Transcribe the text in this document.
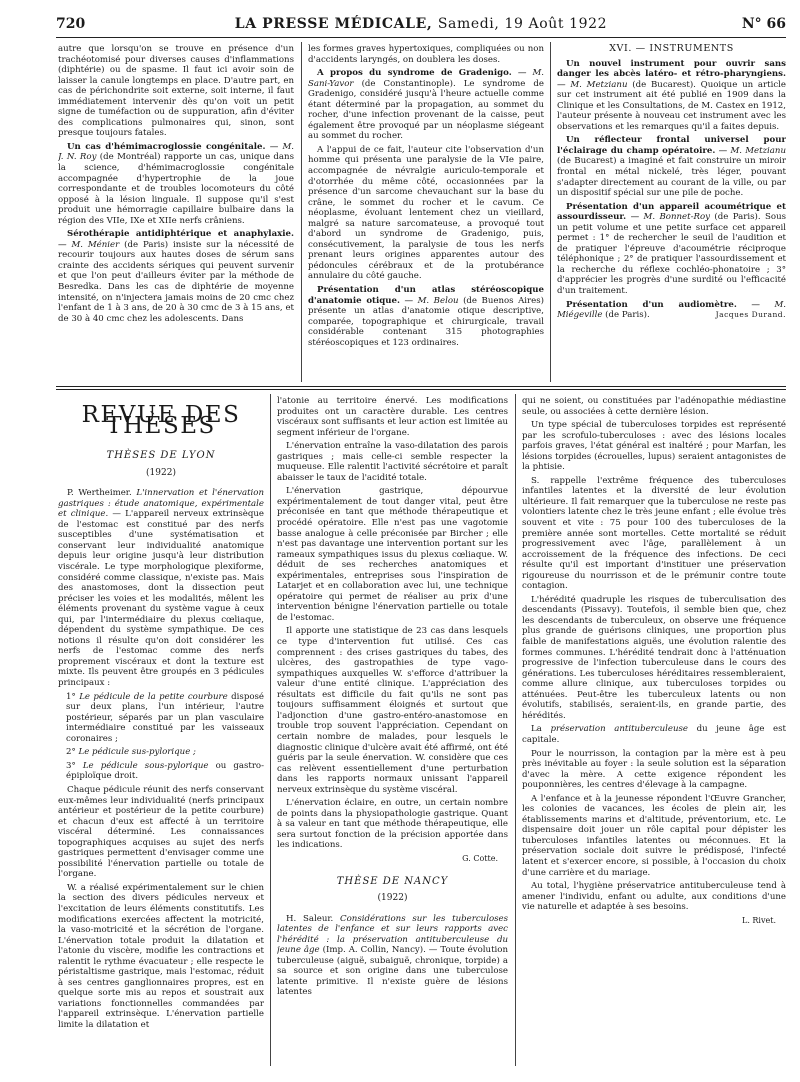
720	LA PRESSE MÉDICALE, Samedi, 19 Août 1922	N° 66

autre que lorsqu'on se trouve en présence d'un trachéotomisé pour diverses causes d'inflammations (diphtérie) ou de spasme. Il faut ici avoir soin de laisser la canule longtemps en place. D'autre part, en cas de périchondrite soit externe, soit interne, il faut immédiatement intervenir dès qu'on voit un petit signe de tuméfaction ou de suppuration, afin d'éviter des complications pulmonaires qui, sinon, sont presque toujours fatales.

Un cas d'hémimacroglossie congénitale. — M. J. N. Roy (de Montréal) rapporte un cas, unique dans la science, d'hémimacroglossie congénitale accompagnée d'hypertrophie de la joue correspondante et de troubles locomoteurs du côté opposé à la lésion linguale. Il suppose qu'il s'est produit une hémorragie capillaire bulbaire dans la région des VIIe, IXe et XIIe nerfs crâniens.

Sérothérapie antidiphtérique et anaphylaxie. — M. Ménier (de Paris) insiste sur la nécessité de recourir toujours aux hautes doses de sérum sans crainte des accidents sériques qui peuvent survenir et que l'on peut d'ailleurs éviter par la méthode de Besredka. Dans les cas de diphtérie de moyenne intensité, on n'injectera jamais moins de 20 cmc chez l'enfant de 1 à 3 ans, de 20 à 30 cmc de 3 à 15 ans, et de 30 à 40 cmc chez les adolescents. Dans

les formes graves hypertoxiques, compliquées ou non d'accidents laryngés, on doublera les doses.

A propos du syndrome de Gradenigo. — M. Sani-Yavor (de Constantinople). Le syndrome de Gradenigo, considéré jusqu'à l'heure actuelle comme étant déterminé par la propagation, au sommet du rocher, d'une infection provenant de la caisse, peut également être provoqué par un néoplasme siégeant au sommet du rocher.

A l'appui de ce fait, l'auteur cite l'observation d'un homme qui présenta une paralysie de la VIe paire, accompagnée de névralgie auriculo-temporale et d'otorrhée du même côté, occasionnées par la présence d'un sarcome chevauchant sur la base du crâne, le sommet du rocher et le cavum. Ce néoplasme, évoluant lentement chez un vieillard, malgré sa nature sarcomateuse, a provoqué tout d'abord un syndrome de Gradenigo, puis, consécutivement, la paralysie de tous les nerfs prenant leurs origines apparentes autour des pédoncules cérébraux et de la protubérance annulaire du côté gauche.

Présentation d'un atlas stéréoscopique d'anatomie otique. — M. Belou (de Buenos Aires) présente un atlas d'anatomie otique descriptive, comparée, topographique et chirurgicale, travail considérable contenant 315 photographies stéréoscopiques et 123 ordinaires.

XVI. — INSTRUMENTS

Un nouvel instrument pour ouvrir sans danger les abcès latéro- et rétro-pharyngiens. — M. Metzianu (de Bucarest). Quoique un article sur cet instrument ait été publié en 1909 dans la Clinique et les Consultations, de M. Castex en 1912, l'auteur présente à nouveau cet instrument avec les observations et les remarques qu'il a faites depuis.

Un réflecteur frontal universel pour l'éclairage du champ opératoire. — M. Metzianu (de Bucarest) a imaginé et fait construire un miroir frontal en métal nickelé, très léger, pouvant s'adapter directement au courant de la ville, ou par un dispositif spécial sur une pile de poche.

Présentation d'un appareil acoumétrique et assourdisseur. — M. Bonnet-Roy (de Paris). Sous un petit volume et une petite surface cet appareil permet : 1° de rechercher le seuil de l'audition et de pratiquer l'épreuve d'acoumétrie réciproque téléphonique ; 2° de pratiquer l'assourdissement et la recherche du réflexe cochléo-phonatoire ; 3° d'apprécier les progrès d'une surdité ou l'efficacité d'un traitement.

Présentation d'un audiomètre. — M. Miégeville (de Paris).	Jacques Durand.

REVUE DES THÈSES
THÈSES DE LYON
(1922)

P. Wertheimer. L'innervation et l'énervation gastriques : étude anatomique, expérimentale et clinique. — L'appareil nerveux extrinsèque de l'estomac est constitué par des nerfs susceptibles d'une systématisation et conservant leur individualité anatomique depuis leur origine jusqu'à leur distribution viscérale. Le type morphologique plexiforme, considéré comme classique, n'existe pas. Mais des anastomoses, dont la dissection peut préciser les voies et les modalités, mêlent les éléments provenant du système vague à ceux qui, par l'intermédiaire du plexus cœliaque, dépendent du système sympathique. De ces notions il résulte qu'on doit considérer les nerfs de l'estomac comme des nerfs proprement viscéraux et dont la texture est mixte. Ils peuvent être groupés en 3 pédicules principaux :

1° Le pédicule de la petite courbure disposé sur deux plans, l'un intérieur, l'autre postérieur, séparés par un plan vasculaire intermédiaire constitué par les vaisseaux coronaires ;

2° Le pédicule sus-pylorique ;

3° Le pédicule sous-pylorique ou gastro-épiploïque droit.

Chaque pédicule réunit des nerfs conservant eux-mêmes leur individualité (nerfs principaux antérieur et postérieur de la petite courbure) et chacun d'eux est affecté à un territoire viscéral déterminé. Les connaissances topographiques acquises au sujet des nerfs gastriques permettent d'envisager comme une possibilité l'énervation partielle ou totale de l'organe.

W. a réalisé expérimentalement sur le chien la section des divers pédicules nerveux et l'excitation de leurs éléments constitutifs. Les modifications exercées affectent la motricité, la vaso-motricité et la sécrétion de l'organe. L'énervation totale produit la dilatation et l'atonie du viscère, modifie les contractions et ralentit le rythme évacuateur ; elle respecte le péristaltisme gastrique, mais l'estomac, réduit à ses centres ganglionnaires propres, est en quelque sorte mis au repos et soustrait aux variations fonctionnelles commandées par l'appareil extrinsèque. L'énervation partielle limite la dilatation et

l'atonie au territoire énervé. Les modifications produites ont un caractère durable. Les centres viscéraux sont suffisants et leur action est limitée au segment inférieur de l'organe.

L'énervation entraîne la vaso-dilatation des parois gastriques ; mais celle-ci semble respecter la muqueuse. Elle ralentit l'activité sécrétoire et paraît abaisser le taux de l'acidité totale.

L'énervation gastrique, dépourvue expérimentalement de tout danger vital, peut être préconisée en tant que méthode thérapeutique et procédé opératoire. Elle n'est pas une vagotomie basse analogue à celle préconisée par Bircher ; elle n'est pas davantage une intervention portant sur les rameaux sympathiques issus du plexus cœliaque. W. déduit de ses recherches anatomiques et expérimentales, entreprises sous l'inspiration de Latarjet et en collaboration avec lui, une technique opératoire qui permet de réaliser au prix d'une intervention bénigne l'énervation partielle ou totale de l'estomac.

Il apporte une statistique de 23 cas dans lesquels ce type d'intervention fut utilisé. Ces cas comprennent : des crises gastriques du tabes, des ulcères, des gastropathies de type vago-sympathiques auxquelles W. s'efforce d'attribuer la valeur d'une entité clinique. L'appréciation des résultats est difficile du fait qu'ils ne sont pas toujours suffisamment éloignés et surtout que l'adjonction d'une gastro-entéro-anastomose en trouble trop souvent l'appréciation. Cependant on certain nombre de malades, pour lesquels le diagnostic clinique d'ulcère avait été affirmé, ont été guéris par la seule énervation. W. considère que ces cas relèvent essentiellement d'une perturbation dans les rapports normaux unissant l'appareil nerveux extrinsèque du système viscéral.

L'énervation éclaire, en outre, un certain nombre de points dans la physiopathologie gastrique. Quant à sa valeur en tant que méthode thérapeutique, elle sera surtout fonction de la précision apportée dans les indications.

G. Cotte.
THÈSE DE NANCY
(1922)

H. Saleur. Considérations sur les tuberculoses latentes de l'enfance et sur leurs rapports avec l'hérédité : la préservation antituberculeuse du jeune âge (Imp. A. Collin, Nancy). — Toute évolution tuberculeuse (aiguë, subaiguë, chronique, torpide) a sa source et son origine dans une tuberculose latente primitive. Il n'existe guère de lésions latentes

qui ne soient, ou constituées par l'adénopathie médiastine seule, ou associées à cette dernière lésion.

Un type spécial de tuberculoses torpides est représenté par les scrofulo-tuberculoses : avec des lésions locales parfois graves, l'état général est inaltéré ; pour Marfan, les lésions torpides (écrouelles, lupus) seraient antagonistes de la phtisie.

S. rappelle l'extrême fréquence des tuberculoses infantiles latentes et la diversité de leur évolution ultérieure. Il fait remarquer que la tuberculose ne reste pas volontiers latente chez le très jeune enfant ; elle évolue très souvent et vite : 75 pour 100 des tuberculoses de la première année sont mortelles. Cette mortalité se réduit progressivement avec l'âge, parallèlement à un accroissement de la fréquence des infections. De ceci résulte qu'il est important d'instituer une préservation rigoureuse du nourrisson et de le prémunir contre toute contagion.

L'hérédité quadruple les risques de tuberculisation des descendants (Pissavy). Toutefois, il semble bien que, chez les descendants de tuberculeux, on observe une fréquence plus grande de guérisons cliniques, une proportion plus faible de manifestations aiguës, une évolution ralentie des formes communes. L'hérédité tendrait donc à l'atténuation progressive de l'infection tuberculeuse dans le cours des générations. Les tuberculoses héréditaires ressembleraient, comme allure clinique, aux tuberculoses torpides ou atténuées. Peut-être les tuberculeux latents ou non évolutifs, stabilisés, seraient-ils, en grande partie, des hérédités.

La préservation antituberculeuse du jeune âge est capitale.

Pour le nourrisson, la contagion par la mère est à peu près inévitable au foyer : la seule solution est la séparation d'avec la mère. A cette exigence répondent les pouponnières, les centres d'élevage à la campagne.

A l'enfance et à la jeunesse répondent l'Œuvre Grancher, les colonies de vacances, les écoles de plein air, les établissements marins et d'altitude, préventorium, etc. Le dispensaire doit jouer un rôle capital pour dépister les tuberculoses infantiles latentes ou méconnues. Et la préservation sociale doit suivre le prédisposé, l'infecté latent et s'exercer encore, si possible, à l'occasion du choix d'une carrière et du mariage.

Au total, l'hygiène préservatrice antituberculeuse tend à amener l'individu, enfant ou adulte, aux conditions d'une vie naturelle et adaptée à ses besoins.

L. Rivet.
